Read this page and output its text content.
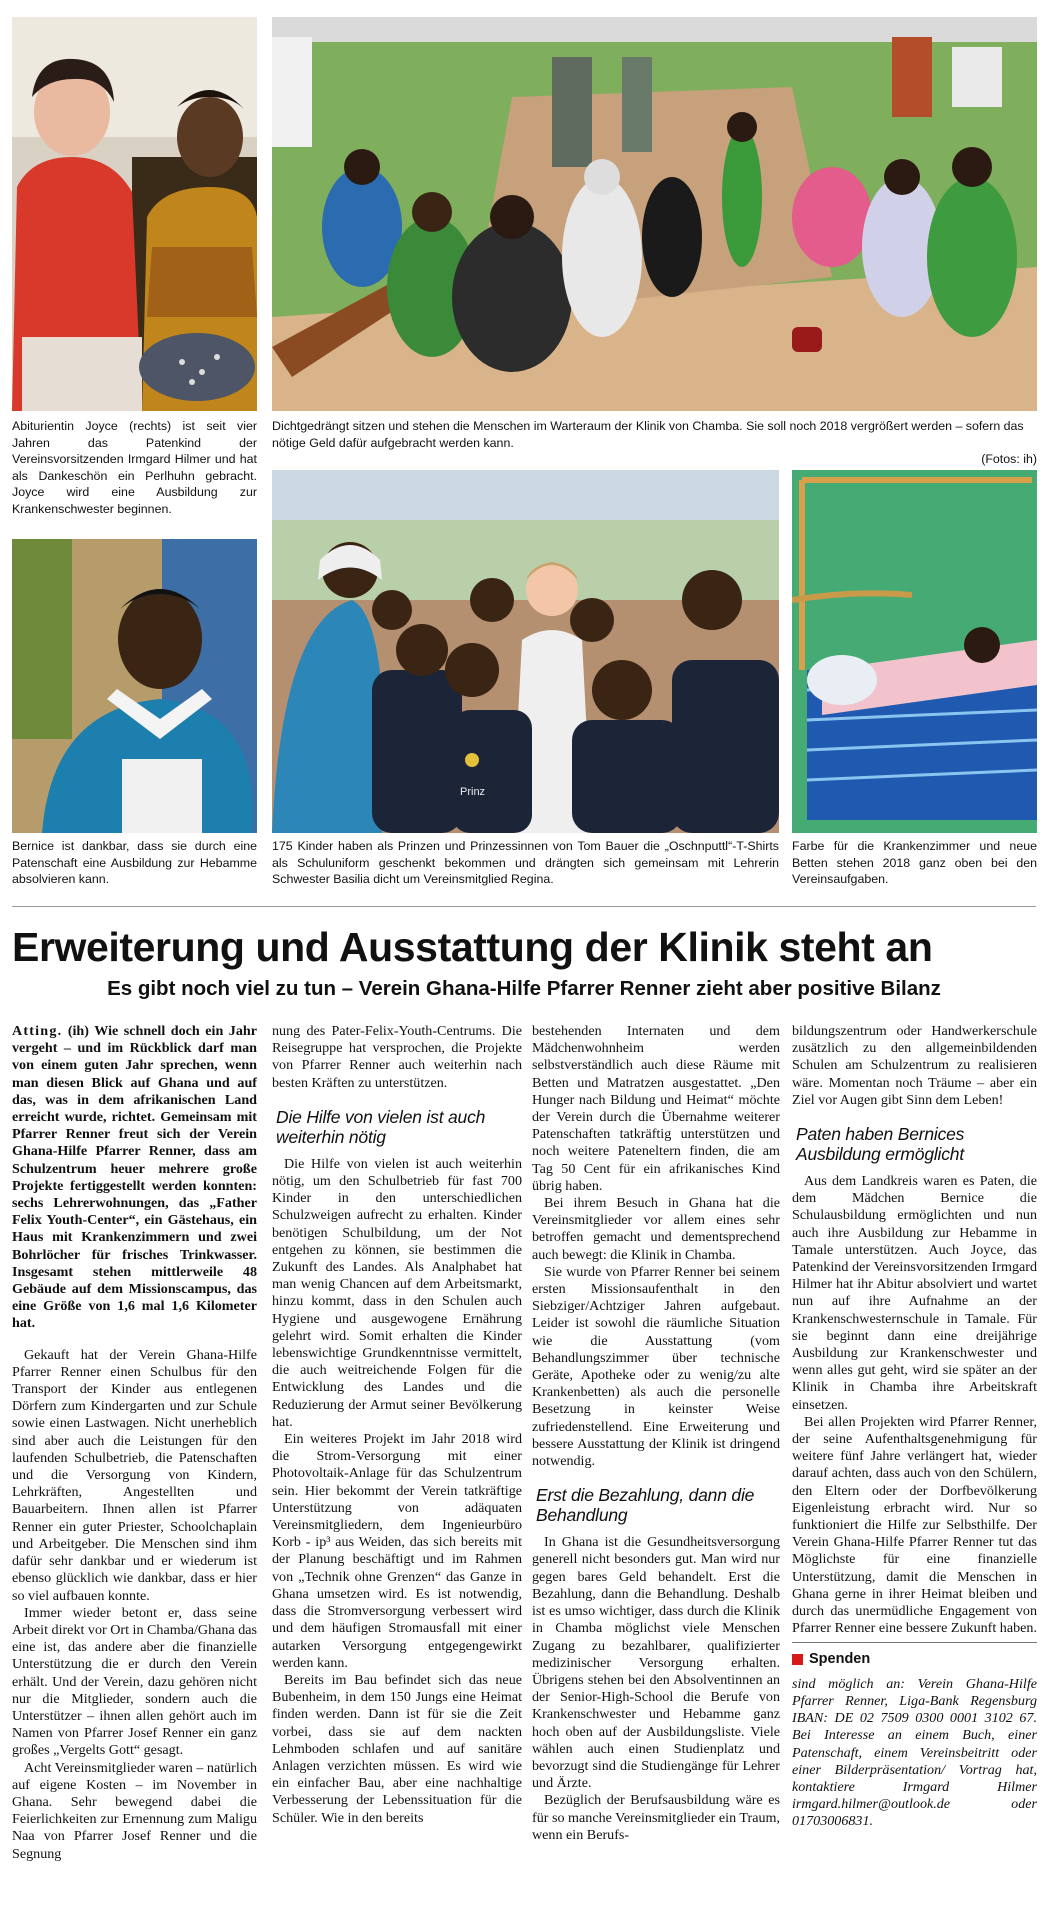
Prinz
Abiturientin Joyce (rechts) ist seit vier Jahren das Patenkind der Vereinsvorsitzenden Irmgard Hilmer und hat als Dankeschön ein Perlhuhn gebracht. Joyce wird eine Ausbildung zur Krankenschwester beginnen.
Dichtgedrängt sitzen und stehen die Menschen im Warteraum der Klinik von Chamba. Sie soll noch 2018 vergrößert werden – sofern das nötige Geld dafür aufgebracht werden kann.
(Fotos: ih)
Bernice ist dankbar, dass sie durch eine Patenschaft eine Ausbildung zur Hebamme absolvieren kann.
175 Kinder haben als Prinzen und Prinzessinnen von Tom Bauer die „Oschnputtl“-T-Shirts als Schuluniform geschenkt bekommen und drängten sich gemeinsam mit Lehrerin Schwester Basilia dicht um Vereinsmitglied Regina.
Farbe für die Krankenzimmer und neue Betten stehen 2018 ganz oben bei den Vereinsaufgaben.
Erweiterung und Ausstattung der Klinik steht an
Es gibt noch viel zu tun – Verein Ghana-Hilfe Pfarrer Renner zieht aber positive Bilanz

Atting. (ih) Wie schnell doch ein Jahr vergeht – und im Rückblick darf man von einem guten Jahr sprechen, wenn man diesen Blick auf Ghana und auf das, was in dem afrikanischen Land erreicht wurde, richtet. Gemeinsam mit Pfarrer Renner freut sich der Verein Ghana-Hilfe Pfarrer Renner, dass am Schulzentrum heuer mehrere große Projekte fertiggestellt werden konnten: sechs Lehrerwohnungen, das „Father Felix Youth-Center“, ein Gästehaus, ein Haus mit Krankenzimmern und zwei Bohrlöcher für frisches Trinkwasser. Insgesamt stehen mittlerweile 48 Gebäude auf dem Missionscampus, das eine Größe von 1,6 mal 1,6 Kilometer hat.

Gekauft hat der Verein Ghana-Hilfe Pfarrer Renner einen Schulbus für den Transport der Kinder aus entlegenen Dörfern zum Kindergarten und zur Schule sowie einen Lastwagen. Nicht unerheblich sind aber auch die Leistungen für den laufenden Schulbetrieb, die Patenschaften und die Versorgung von Kindern, Lehrkräften, Angestellten und Bauarbeitern. Ihnen allen ist Pfarrer Renner ein guter Priester, Schoolchaplain und Arbeitgeber. Die Menschen sind ihm dafür sehr dankbar und er wiederum ist ebenso glücklich wie dankbar, dass er hier so viel aufbauen konnte.

Immer wieder betont er, dass seine Arbeit direkt vor Ort in Chamba/Ghana das eine ist, das andere aber die finanzielle Unterstützung die er durch den Verein erhält. Und der Verein, dazu gehören nicht nur die Mitglieder, sondern auch die Unterstützer – ihnen allen gehört auch im Namen von Pfarrer Josef Renner ein ganz großes „Vergelts Gott“ gesagt.

Acht Vereinsmitglieder waren – natürlich auf eigene Kosten – im November in Ghana. Sehr bewegend dabei die Feierlichkeiten zur Ernennung zum Maligu Naa von Pfarrer Josef Renner und die Segnung

nung des Pater-Felix-Youth-Centrums. Die Reisegruppe hat versprochen, die Projekte von Pfarrer Renner auch weiterhin nach besten Kräften zu unterstützen.

Die Hilfe von vielen ist auch weiterhin nötig

Die Hilfe von vielen ist auch weiterhin nötig, um den Schulbetrieb für fast 700 Kinder in den unterschiedlichen Schulzweigen aufrecht zu erhalten. Kinder benötigen Schulbildung, um der Not entgehen zu können, sie bestimmen die Zukunft des Landes. Als Analphabet hat man wenig Chancen auf dem Arbeitsmarkt, hinzu kommt, dass in den Schulen auch Hygiene und ausgewogene Ernährung gelehrt wird. Somit erhalten die Kinder lebenswichtige Grundkenntnisse vermittelt, die auch weitreichende Folgen für die Entwicklung des Landes und die Reduzierung der Armut seiner Bevölkerung hat.

Ein weiteres Projekt im Jahr 2018 wird die Strom-Versorgung mit einer Photovoltaik-Anlage für das Schulzentrum sein. Hier bekommt der Verein tatkräftige Unterstützung von adäquaten Vereinsmitgliedern, dem Ingenieurbüro Korb - ip³ aus Weiden, das sich bereits mit der Planung beschäftigt und im Rahmen von „Technik ohne Grenzen“ das Ganze in Ghana umsetzen wird. Es ist notwendig, dass die Stromversorgung verbessert wird und dem häufigen Stromausfall mit einer autarken Versorgung entgegengewirkt werden kann.

Bereits im Bau befindet sich das neue Bubenheim, in dem 150 Jungs eine Heimat finden werden. Dann ist für sie die Zeit vorbei, dass sie auf dem nackten Lehmboden schlafen und auf sanitäre Anlagen verzichten müssen. Es wird wie ein einfacher Bau, aber eine nachhaltige Verbesserung der Lebenssituation für die Schüler. Wie in den bereits

bestehenden Internaten und dem Mädchenwohnheim werden selbstverständlich auch diese Räume mit Betten und Matratzen ausgestattet. „Den Hunger nach Bildung und Heimat“ möchte der Verein durch die Übernahme weiterer Patenschaften tatkräftig unterstützen und noch weitere Pateneltern finden, die am Tag 50 Cent für ein afrikanisches Kind übrig haben.

Bei ihrem Besuch in Ghana hat die Vereinsmitglieder vor allem eines sehr betroffen gemacht und dementsprechend auch bewegt: die Klinik in Chamba.

Sie wurde von Pfarrer Renner bei seinem ersten Missionsaufenthalt in den Siebziger/Achtziger Jahren aufgebaut. Leider ist sowohl die räumliche Situation wie die Ausstattung (vom Behandlungszimmer über technische Geräte, Apotheke oder zu wenig/zu alte Krankenbetten) als auch die personelle Besetzung in keinster Weise zufriedenstellend. Eine Erweiterung und bessere Ausstattung der Klinik ist dringend notwendig.

Erst die Bezahlung, dann die Behandlung

In Ghana ist die Gesundheitsversorgung generell nicht besonders gut. Man wird nur gegen bares Geld behandelt. Erst die Bezahlung, dann die Behandlung. Deshalb ist es umso wichtiger, dass durch die Klinik in Chamba möglichst viele Menschen Zugang zu bezahlbarer, qualifizierter medizinischer Versorgung erhalten. Übrigens stehen bei den Absolventinnen an der Senior-High-School die Berufe von Krankenschwester und Hebamme ganz hoch oben auf der Ausbildungsliste. Viele wählen auch einen Studienplatz und bevorzugt sind die Studiengänge für Lehrer und Ärzte.

Bezüglich der Berufsausbildung wäre es für so manche Vereinsmitglieder ein Traum, wenn ein Berufs-

bildungszentrum oder Handwerkerschule zusätzlich zu den allgemeinbildenden Schulen am Schulzentrum zu realisieren wäre. Momentan noch Träume – aber ein Ziel vor Augen gibt Sinn dem Leben!

Paten haben Bernices Ausbildung ermöglicht

Aus dem Landkreis waren es Paten, die dem Mädchen Bernice die Schulausbildung ermöglichten und nun auch ihre Ausbildung zur Hebamme in Tamale unterstützen. Auch Joyce, das Patenkind der Vereinsvorsitzenden Irmgard Hilmer hat ihr Abitur absolviert und wartet nun auf ihre Aufnahme an der Krankenschwesternschule in Tamale. Für sie beginnt dann eine dreijährige Ausbildung zur Krankenschwester und wenn alles gut geht, wird sie später an der Klinik in Chamba ihre Arbeitskraft einsetzen.

Bei allen Projekten wird Pfarrer Renner, der seine Aufenthaltsgenehmigung für weitere fünf Jahre verlängert hat, wieder darauf achten, dass auch von den Schülern, den Eltern oder der Dorfbevölkerung Eigenleistung erbracht wird. Nur so funktioniert die Hilfe zur Selbsthilfe. Der Verein Ghana-Hilfe Pfarrer Renner tut das Möglichste für eine finanzielle Unterstützung, damit die Menschen in Ghana gerne in ihrer Heimat bleiben und durch das unermüdliche Engagement von Pfarrer Renner eine bessere Zukunft haben.

Spenden

sind möglich an: Verein Ghana-Hilfe Pfarrer Renner, Liga-Bank Regensburg IBAN: DE 02 7509 0300 0001 3102 67. Bei Interesse an einem Buch, einer Patenschaft, einem Vereinsbeitritt oder einer Bilderpräsentation/ Vortrag hat, kontaktiere Irmgard Hilmer irmgard.hilmer@outlook.de oder 01703006831.
